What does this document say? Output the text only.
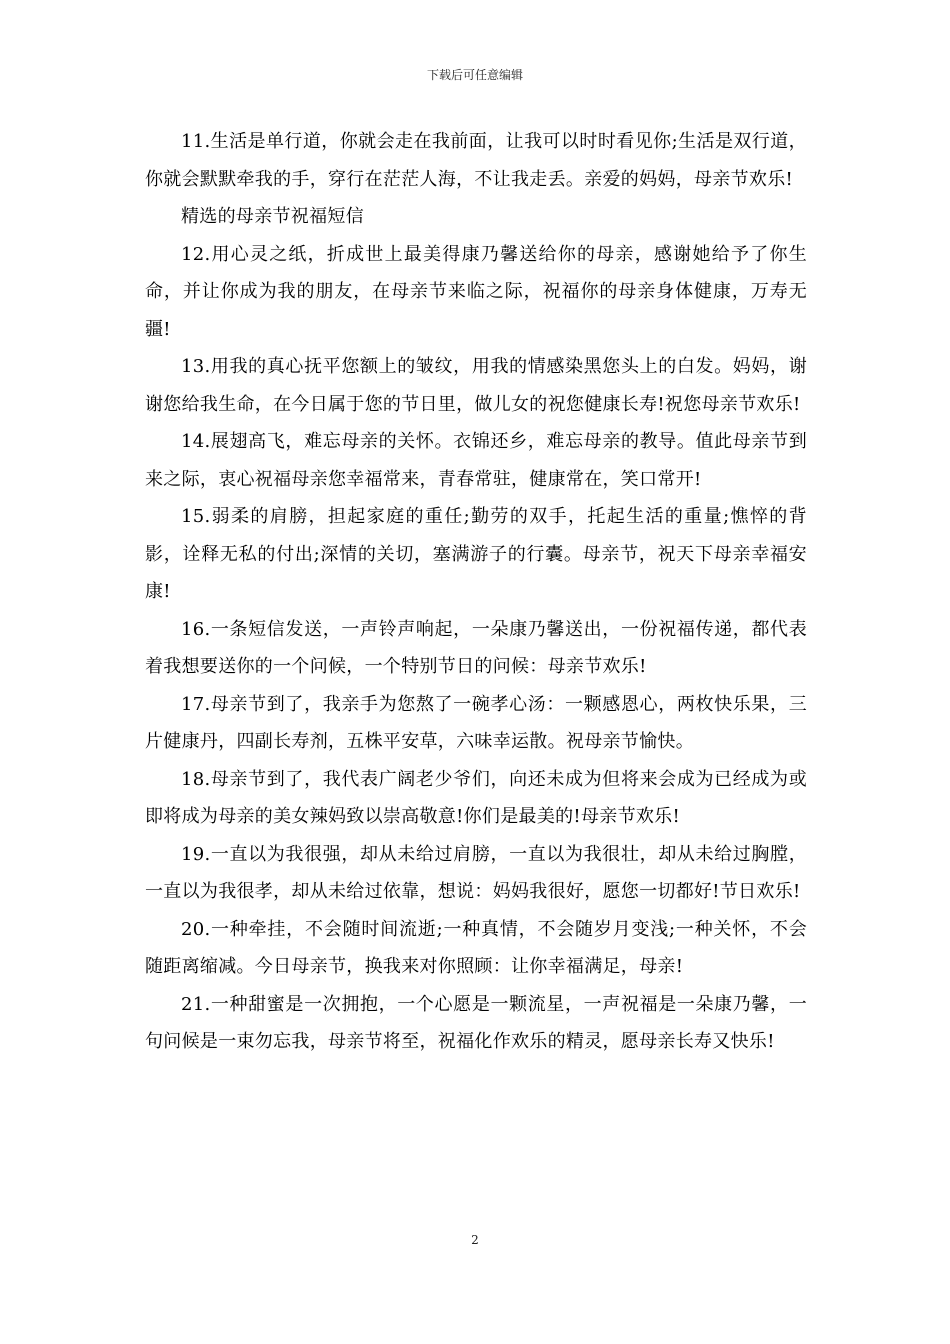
下载后可任意编辑

11.生活是单行道，你就会走在我前面，让我可以时时看见你;生活是双行道，你就会默默牵我的手，穿行在茫茫人海，不让我走丢。亲爱的妈妈，母亲节欢乐!

精选的母亲节祝福短信

12.用心灵之纸，折成世上最美得康乃馨送给你的母亲，感谢她给予了你生命，并让你成为我的朋友，在母亲节来临之际，祝福你的母亲身体健康，万寿无疆!

13.用我的真心抚平您额上的皱纹，用我的情感染黑您头上的白发。妈妈，谢谢您给我生命，在今日属于您的节日里，做儿女的祝您健康长寿!祝您母亲节欢乐!

14.展翅高飞，难忘母亲的关怀。衣锦还乡，难忘母亲的教导。值此母亲节到来之际，衷心祝福母亲您幸福常来，青春常驻，健康常在，笑口常开!

15.弱柔的肩膀，担起家庭的重任;勤劳的双手，托起生活的重量;憔悴的背影，诠释无私的付出;深情的关切，塞满游子的行囊。母亲节，祝天下母亲幸福安康!

16.一条短信发送，一声铃声响起，一朵康乃馨送出，一份祝福传递，都代表着我想要送你的一个问候，一个特别节日的问候：母亲节欢乐!

17.母亲节到了，我亲手为您熬了一碗孝心汤：一颗感恩心，两枚快乐果，三片健康丹，四副长寿剂，五株平安草，六味幸运散。祝母亲节愉快。

18.母亲节到了，我代表广阔老少爷们，向还未成为但将来会成为已经成为或即将成为母亲的美女辣妈致以崇高敬意!你们是最美的!母亲节欢乐!

19.一直以为我很强，却从未给过肩膀，一直以为我很壮，却从未给过胸膛，一直以为我很孝，却从未给过依靠，想说：妈妈我很好，愿您一切都好!节日欢乐!

20.一种牵挂，不会随时间流逝;一种真情，不会随岁月变浅;一种关怀，不会随距离缩减。今日母亲节，换我来对你照顾：让你幸福满足，母亲!

21.一种甜蜜是一次拥抱，一个心愿是一颗流星，一声祝福是一朵康乃馨，一句问候是一束勿忘我，母亲节将至，祝福化作欢乐的精灵，愿母亲长寿又快乐!

2
